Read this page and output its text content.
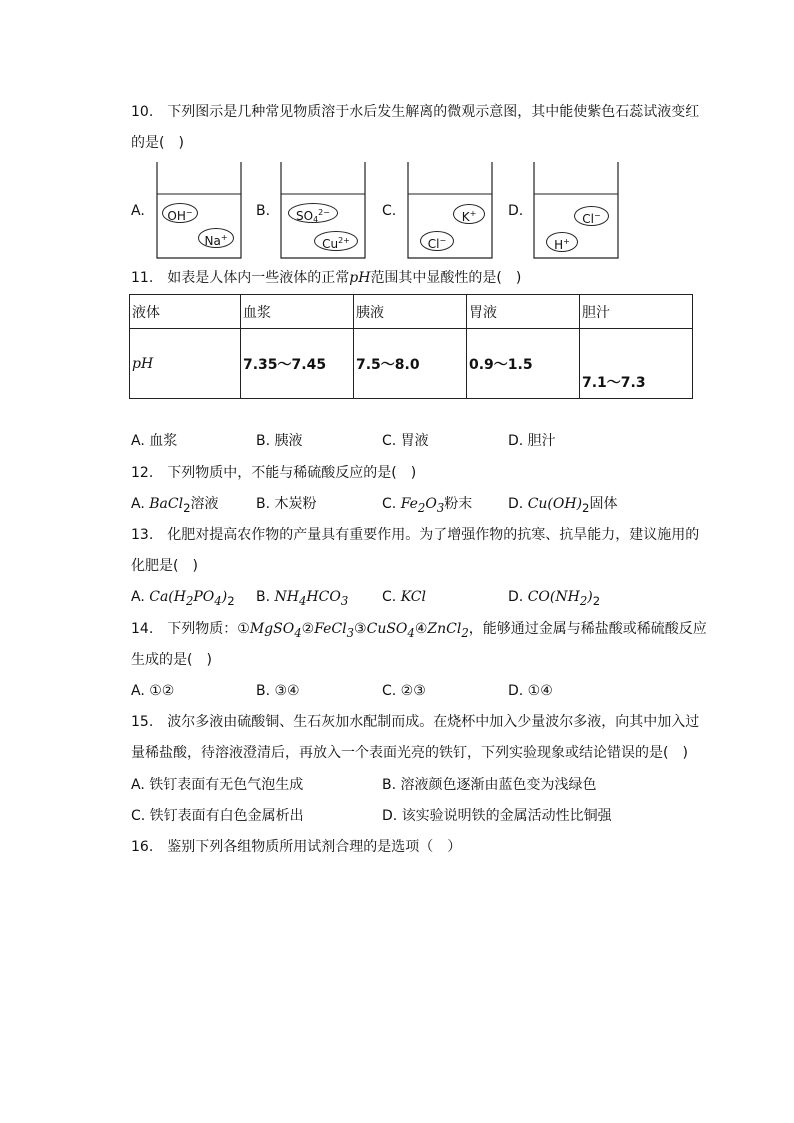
10.　下列图示是几种常见物质溶于水后发生解离的微观示意图，其中能使紫色石蕊试液变红
的是(　)
A.	OH−
Na+
B.	$SO_4^{2-}$
$Cu^{2+}$
C.	K+
Cl−
D.	Cl−
H+
11.　如表是人体内一些液体的正常pH范围其中显酸性的是(　)
液体	血浆	胰液	胃液	胆汁
pH	7.35～7.45	7.5～8.0	0.9～1.5	7.1～7.3
A. 血浆	B. 胰液	C. 胃液	D. 胆汁
12.　下列物质中，不能与稀硫酸反应的是(　)
A. BaCl$_2$溶液	B. 木炭粉	C. $Fe_2O_3$粉末	D. $Cu(OH)_2$固体
13.　化肥对提高农作物的产量具有重要作用。为了增强作物的抗寒、抗旱能力，建议施用的
化肥是(　)
A. $Ca(H_2PO_4)_2$ B. $NH_4HCO_3$ C. KCl	D. $CO(NH_2)_2$
14.　下列物质：①MgSO$_4$②FeCl$_3$③CuSO$_4$④ZnCl$_2$，能够通过金属与稀盐酸或稀硫酸反应
生成的是(　)
A. ①②	B. ③④	C. ②③	D. ①④
15.　波尔多液由硫酸铜、生石灰加水配制而成。在烧杯中加入少量波尔多液，向其中加入过
量稀盐酸，待溶液澄清后，再放入一个表面光亮的铁钉，下列实验现象或结论错误的是(　)
A. 铁钉表面有无色气泡生成	B. 溶液颜色逐渐由蓝色变为浅绿色
C. 铁钉表面有白色金属析出	D. 该实验说明铁的金属活动性比铜强
16.　鉴别下列各组物质所用试剂合理的是选项（　）
